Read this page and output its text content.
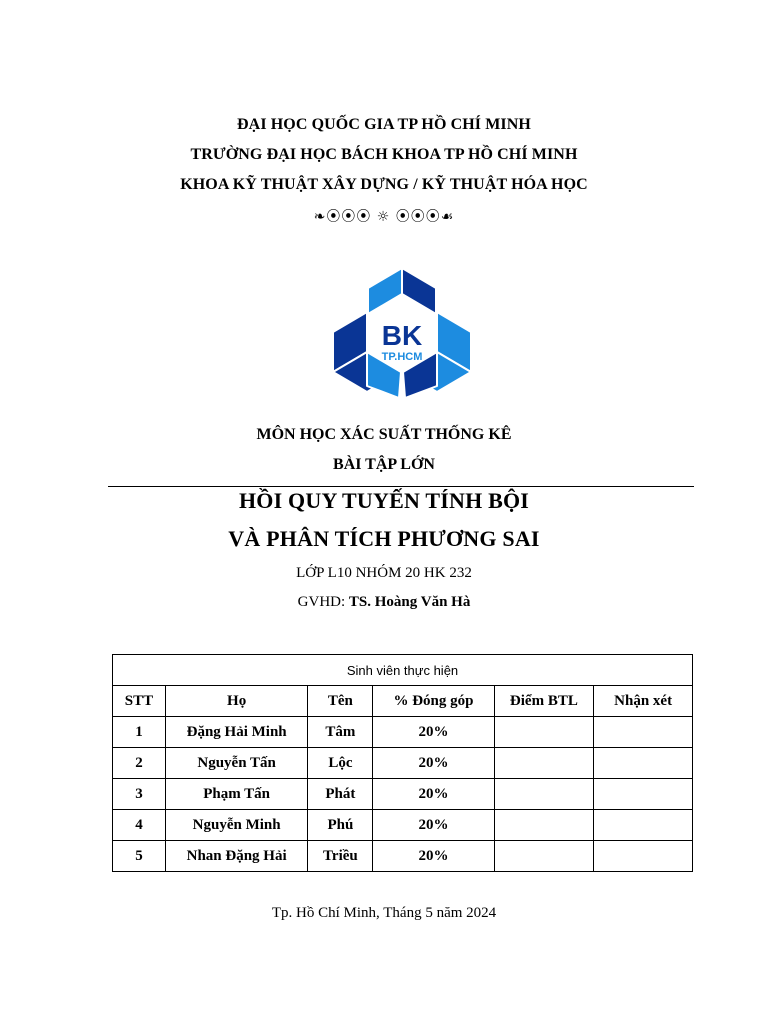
ĐẠI HỌC QUỐC GIA TP HỒ CHÍ MINH
TRƯỜNG ĐẠI HỌC BÁCH KHOA TP HỒ CHÍ MINH
KHOA KỸ THUẬT XÂY DỰNG / KỸ THUẬT HÓA HỌC
❧⦿⦿⦿ ☼ ⦿⦿⦿☙
BK
TP.HCM
MÔN HỌC XÁC SUẤT THỐNG KÊ
BÀI TẬP LỚN
HỒI QUY TUYẾN TÍNH BỘI
VÀ PHÂN TÍCH PHƯƠNG SAI
LỚP L10 NHÓM 20 HK 232
GVHD: TS. Hoàng Văn Hà
Sinh viên thực hiện					
STT	Họ	Tên	% Đóng góp	Điểm BTL	Nhận xét
1	Đặng Hải Minh	Tâm	20%		
2	Nguyễn Tấn	Lộc	20%		
3	Phạm Tấn	Phát	20%		
4	Nguyễn Minh	Phú	20%		
5	Nhan Đặng Hải	Triều	20%		
Tp. Hồ Chí Minh, Tháng 5 năm 2024
